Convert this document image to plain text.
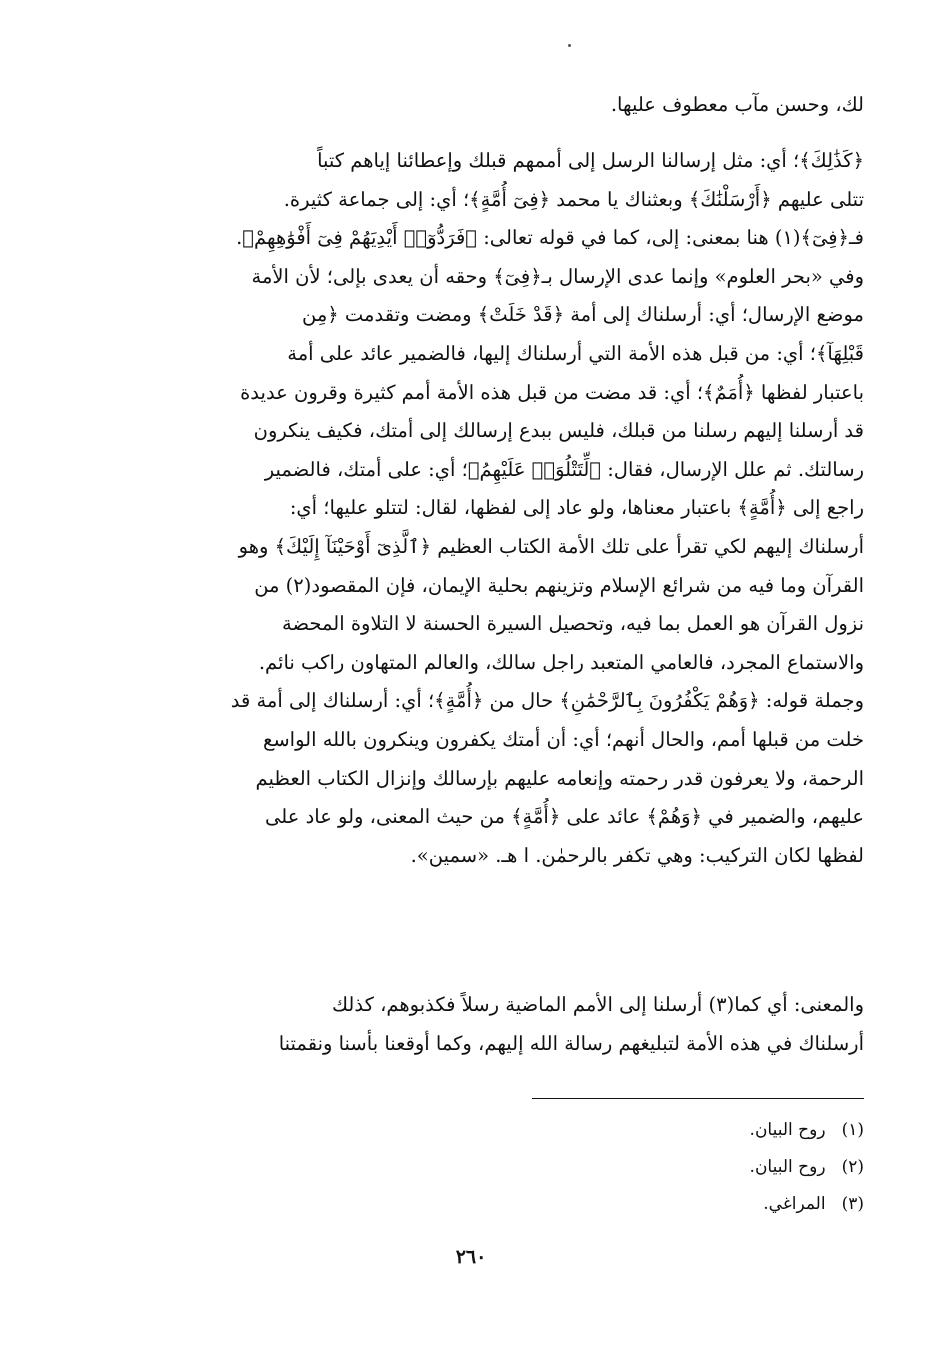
لك، وحسن مآب معطوف عليها.
﴿كَذَٰلِكَ﴾؛ أي: مثل إرسالنا الرسل إلى أممهم قبلك وإعطائنا إياهم كتباً
تتلى عليهم ﴿أَرْسَلْنَٰكَ﴾ وبعثناك يا محمد ﴿فِىٓ أُمَّةٍ﴾؛ أي: إلى جماعة كثيرة.
فـ﴿فِىٓ﴾(١) هنا بمعنى: إلى، كما في قوله تعالى: ﴿فَرَدُّوٓا۟ أَيْدِيَهُمْ فِىٓ أَفْوَٰهِهِمْ﴾.
وفي «بحر العلوم» وإنما عدى الإرسال بـ﴿فِىٓ﴾ وحقه أن يعدى بإلى؛ لأن الأمة
موضع الإرسال؛ أي: أرسلناك إلى أمة ﴿قَدْ خَلَتْ﴾ ومضت وتقدمت ﴿مِن
قَبْلِهَآ﴾؛ أي: من قبل هذه الأمة التي أرسلناك إليها، فالضمير عائد على أمة
باعتبار لفظها ﴿أُمَمٌ﴾؛ أي: قد مضت من قبل هذه الأمة أمم كثيرة وقرون عديدة
قد أرسلنا إليهم رسلنا من قبلك، فليس ببدع إرسالك إلى أمتك، فكيف ينكرون
رسالتك. ثم علل الإرسال، فقال: ﴿لِّتَتْلُوَا۟ عَلَيْهِمُ﴾؛ أي: على أمتك، فالضمير
راجع إلى ﴿أُمَّةٍ﴾ باعتبار معناها، ولو عاد إلى لفظها، لقال: لتتلو عليها؛ أي:
أرسلناك إليهم لكي تقرأ على تلك الأمة الكتاب العظيم ﴿ٱلَّذِىٓ أَوْحَيْنَآ إِلَيْكَ﴾ وهو
القرآن وما فيه من شرائع الإسلام وتزينهم بحلية الإيمان، فإن المقصود(٢) من
نزول القرآن هو العمل بما فيه، وتحصيل السيرة الحسنة لا التلاوة المحضة
والاستماع المجرد، فالعامي المتعبد راجل سالك، والعالم المتهاون راكب نائم.
وجملة قوله: ﴿وَهُمْ يَكْفُرُونَ بِٱلرَّحْمَٰنِ﴾ حال من ﴿أُمَّةٍ﴾؛ أي: أرسلناك إلى أمة قد
خلت من قبلها أمم، والحال أنهم؛ أي: أن أمتك يكفرون وينكرون بالله الواسع
الرحمة، ولا يعرفون قدر رحمته وإنعامه عليهم بإرسالك وإنزال الكتاب العظيم
عليهم، والضمير في ﴿وَهُمْ﴾ عائد على ﴿أُمَّةٍ﴾ من حيث المعنى، ولو عاد على
لفظها لكان التركيب: وهي تكفر بالرحمٰن. ا هـ. «سمين».
والمعنى: أي كما(٣) أرسلنا إلى الأمم الماضية رسلاً فكذبوهم، كذلك
أرسلناك في هذه الأمة لتبليغهم رسالة الله إليهم، وكما أوقعنا بأسنا ونقمتنا
(١)روح البيان.
(٢)روح البيان.
(٣)المراغي.
٢٦٠
